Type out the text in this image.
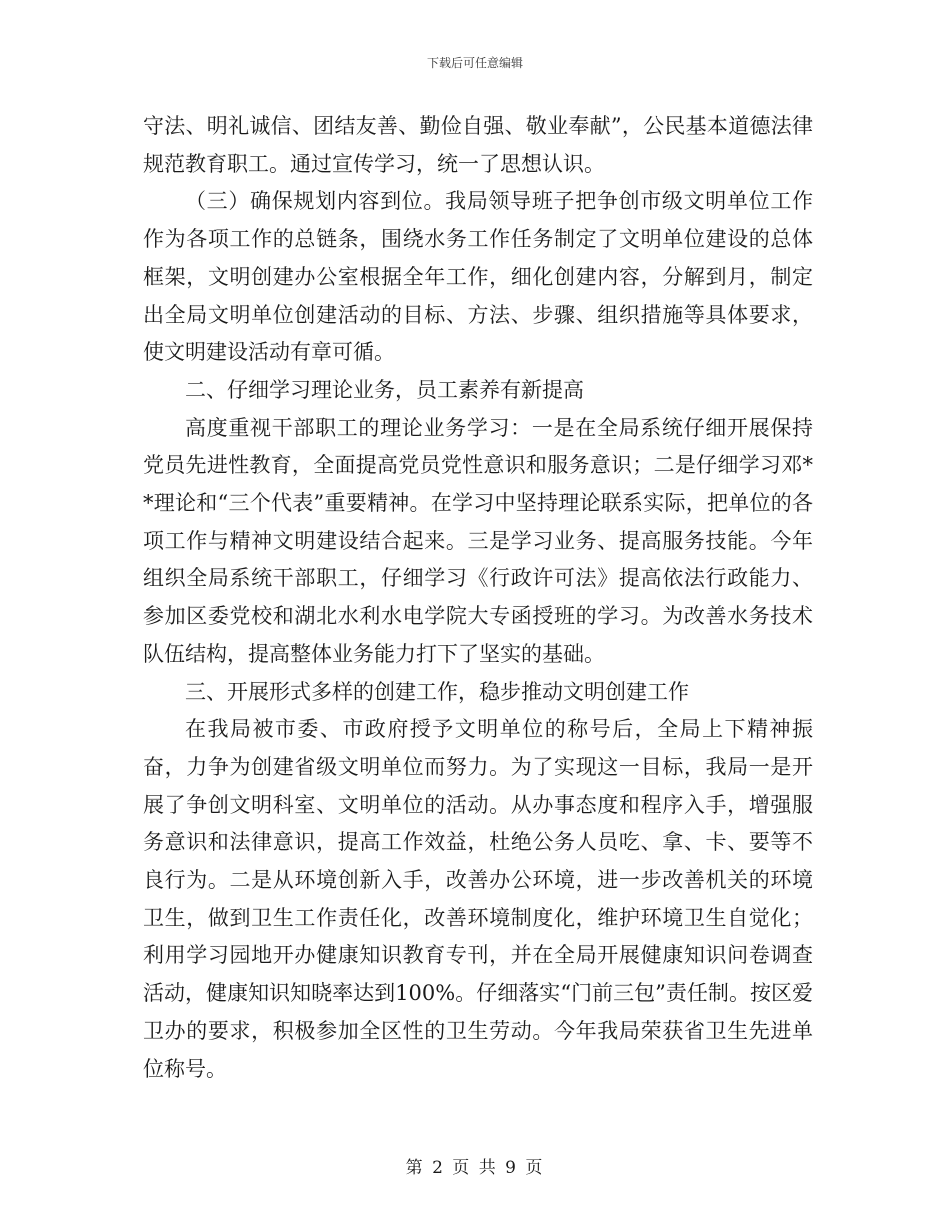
下载后可任意编辑

守法、明礼诚信、团结友善、勤俭自强、敬业奉献”，公民基本道德法律规范教育职工。通过宣传学习，统一了思想认识。

（三）确保规划内容到位。我局领导班子把争创市级文明单位工作作为各项工作的总链条，围绕水务工作任务制定了文明单位建设的总体框架，文明创建办公室根据全年工作，细化创建内容，分解到月，制定出全局文明单位创建活动的目标、方法、步骤、组织措施等具体要求，使文明建设活动有章可循。

二、仔细学习理论业务，员工素养有新提高

高度重视干部职工的理论业务学习：一是在全局系统仔细开展保持党员先进性教育，全面提高党员党性意识和服务意识；二是仔细学习邓**理论和“三个代表”重要精神。在学习中坚持理论联系实际，把单位的各项工作与精神文明建设结合起来。三是学习业务、提高服务技能。今年组织全局系统干部职工，仔细学习《行政许可法》提高依法行政能力、参加区委党校和湖北水利水电学院大专函授班的学习。为改善水务技术队伍结构，提高整体业务能力打下了坚实的基础。

三、开展形式多样的创建工作，稳步推动文明创建工作

在我局被市委、市政府授予文明单位的称号后，全局上下精神振奋，力争为创建省级文明单位而努力。为了实现这一目标，我局一是开展了争创文明科室、文明单位的活动。从办事态度和程序入手，增强服务意识和法律意识，提高工作效益，杜绝公务人员吃、拿、卡、要等不良行为。二是从环境创新入手，改善办公环境，进一步改善机关的环境卫生，做到卫生工作责任化，改善环境制度化，维护环境卫生自觉化；利用学习园地开办健康知识教育专刊，并在全局开展健康知识问卷调查活动，健康知识知晓率达到100%。仔细落实“门前三包”责任制。按区爱卫办的要求，积极参加全区性的卫生劳动。今年我局荣获省卫生先进单位称号。

第 2 页 共 9 页
